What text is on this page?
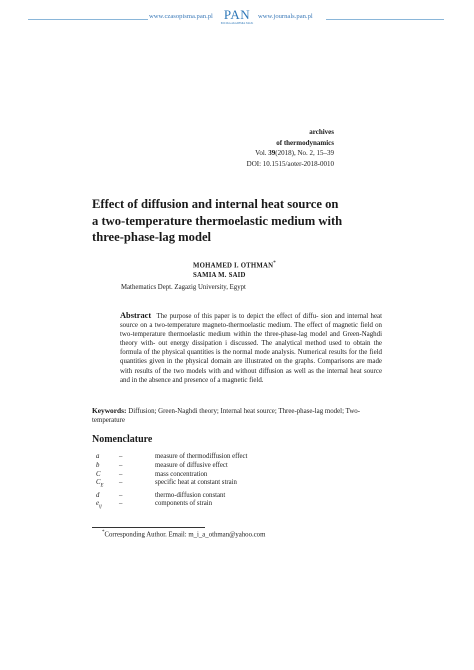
www.czasopisma.pan.pl PAN
POLSKA AKADEMIA NAUK
www.journals.pan.pl
archives
of thermodynamics
Vol. 39(2018), No. 2, 15–39
DOI: 10.1515/aoter-2018-0010
Effect of diffusion and internal heat source on
a two-temperature thermoelastic medium with
three-phase-lag model
MOHAMED I. OTHMAN*
SAMIA M. SAID
Mathematics Dept. Zagazig University, Egypt
Abstract The purpose of this paper is to depict the effect of diffu- sion and internal heat source on a two-temperature magneto-thermoelastic medium. The effect of magnetic field on two-temperature thermoelastic medium within the three-phase-lag model and Green-Naghdi theory with- out energy dissipation i discussed. The analytical method used to obtain the formula of the physical quantities is the normal mode analysis. Numerical results for the field quantities given in the physical domain are illustrated on the graphs. Comparisons are made with results of the two models with and without diffusion as well as the internal heat source and in the absence and presence of a magnetic field.
Keywords: Diffusion; Green-Naghdi theory; Internal heat source; Three-phase-lag model; Two-temperature
Nomenclature
a	–	measure of thermodiffusion effect
b	–	measure of diffusive effect
C	–	mass concentration
$C_E$	–	specific heat at constant strain
d	–	thermo-diffusion constant
$e_{ij}$	–	components of strain
*Corresponding Author. Email: m_i_a_othman@yahoo.com
